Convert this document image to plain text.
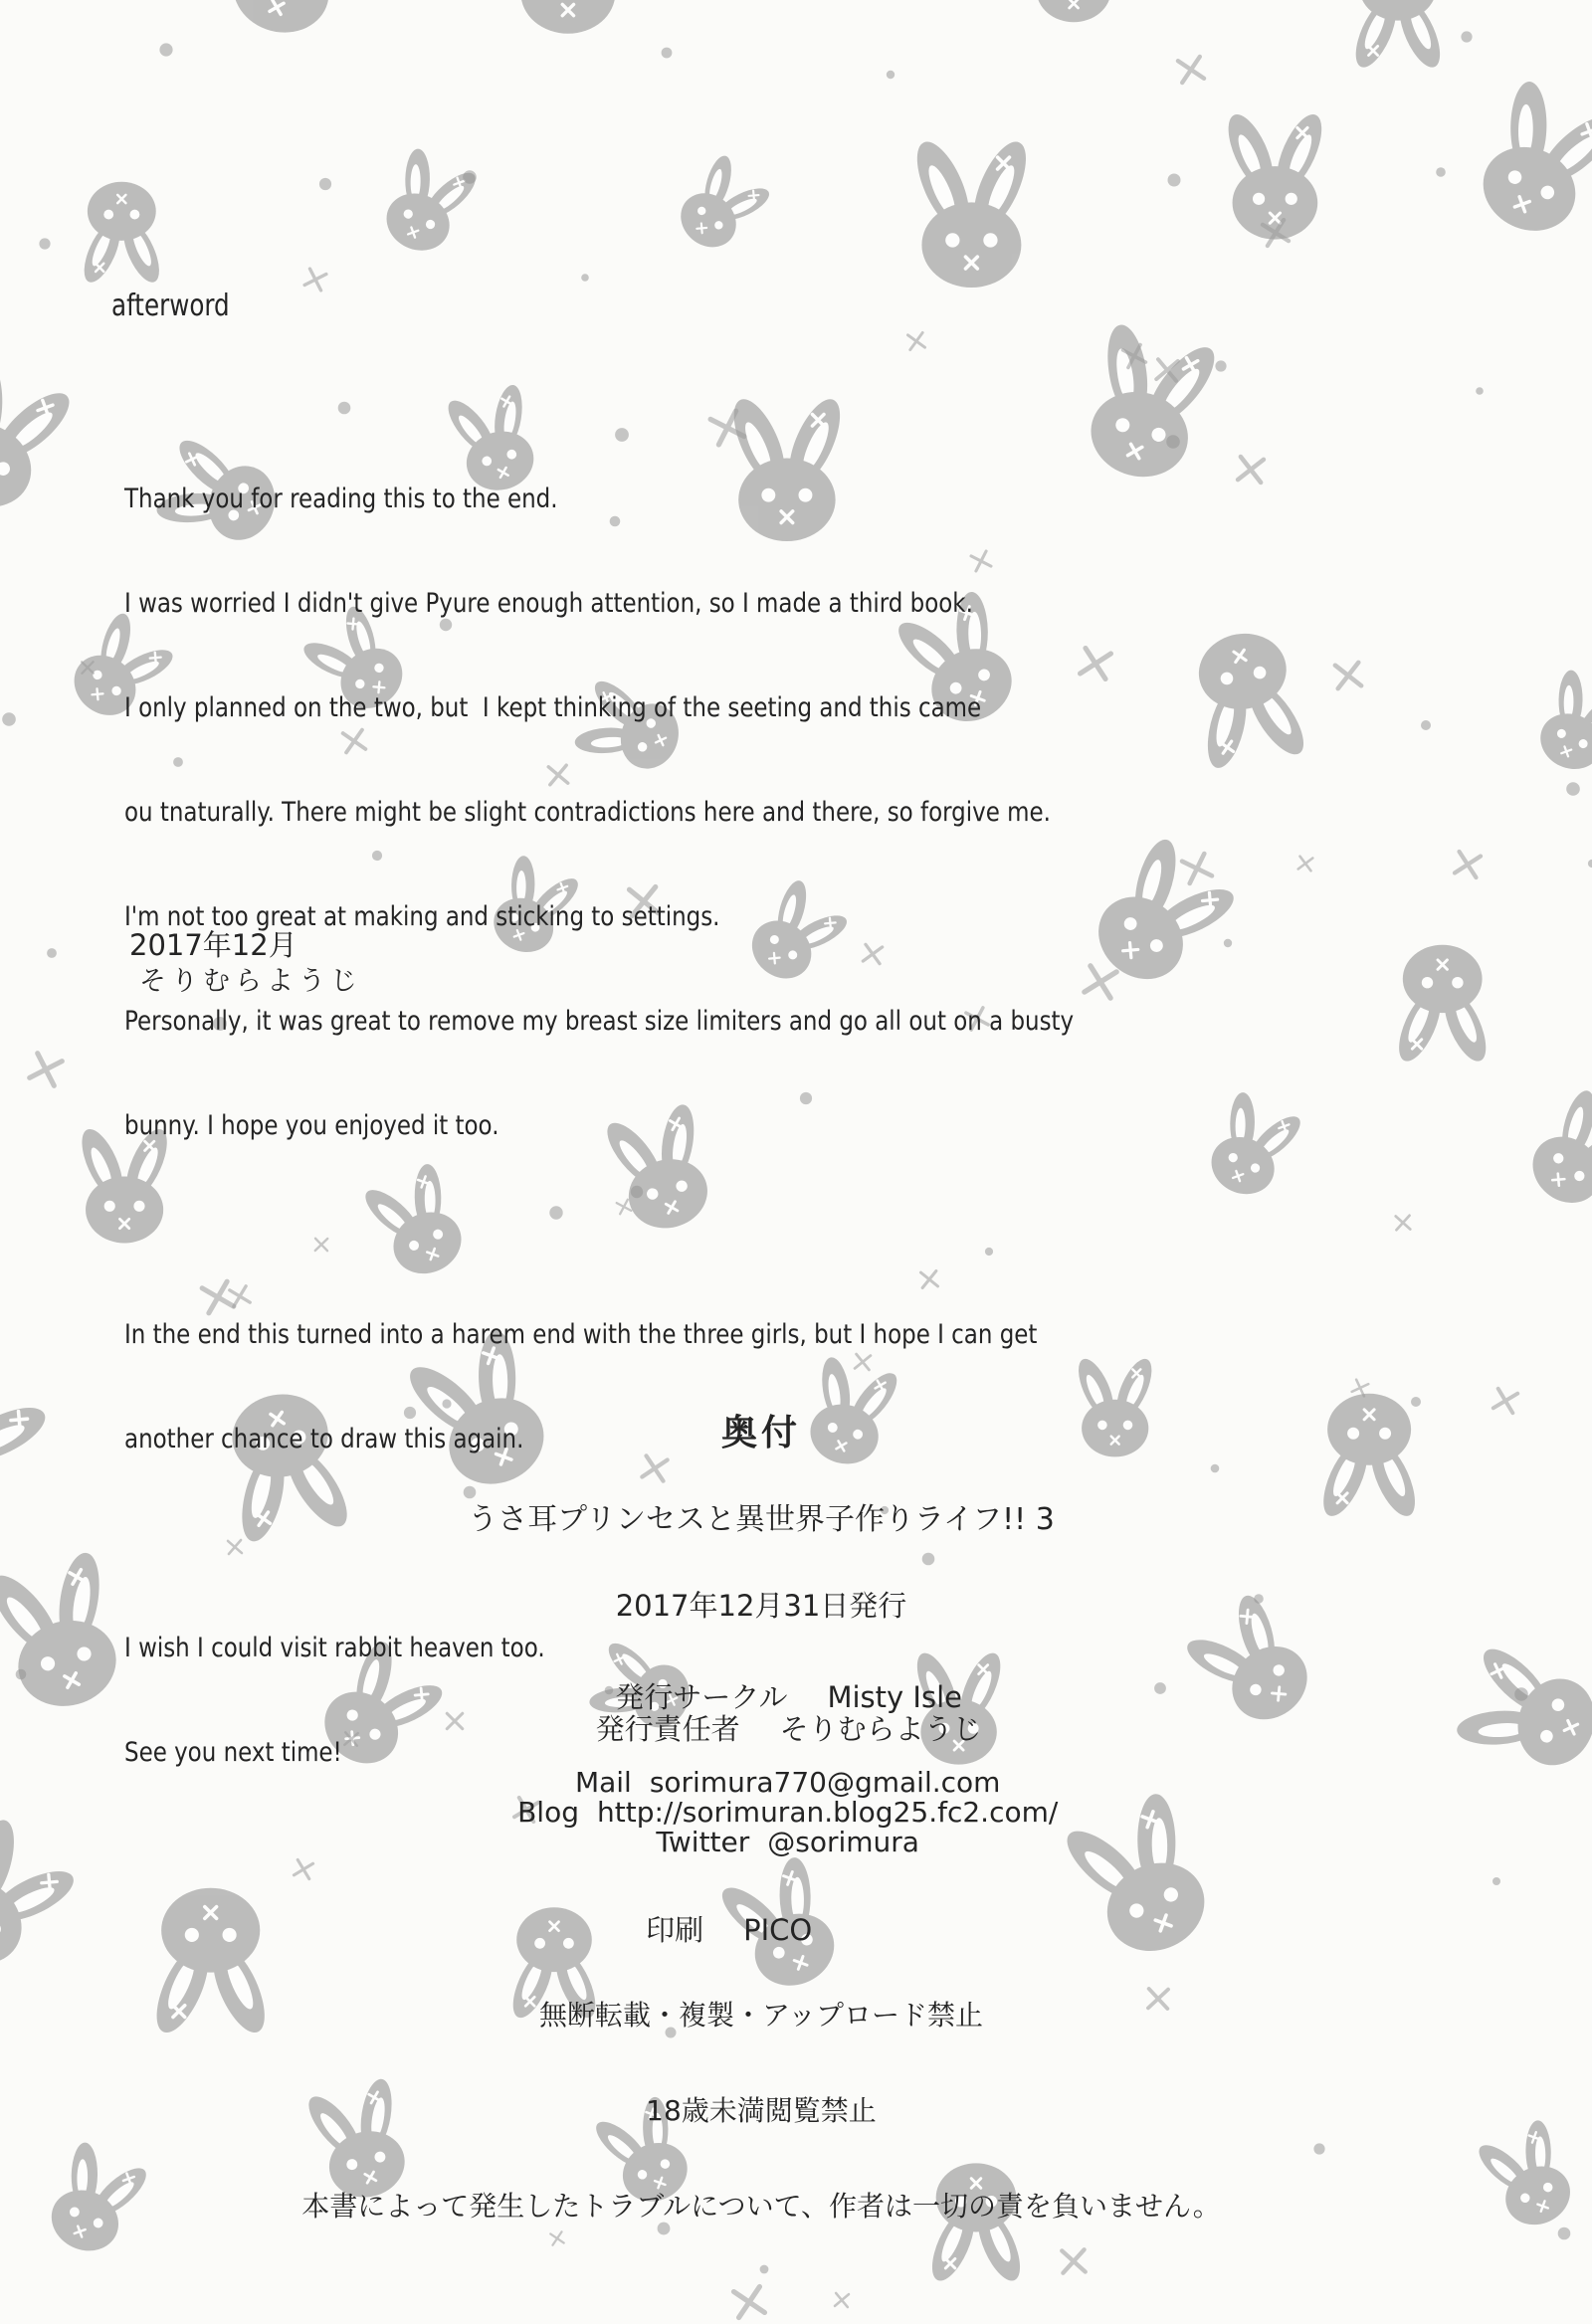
afterword

Thank you for reading this to the end.

I was worried I didn't give Pyure enough attention, so I made a third book.

I only planned on the two, but  I kept thinking of the seeting and this came

ou tnaturally. There might be slight contradictions here and there, so forgive me.

I'm not too great at making and sticking to settings.

Personally, it was great to remove my breast size limiters and go all out on a busty

bunny. I hope you enjoyed it too.

In the end this turned into a harem end with the three girls, but I hope I can get

another chance to draw this again.

I wish I could visit rabbit heaven too.

See you next time!

2017年12月
そりむらようじ
奥付
うさ耳プリンセスと異世界子作りライフ!! 3
2017年12月31日発行

発行サークル Misty Isle

発行責任者 そりむらようじ

Mail sorimura770@gmail.com

Blog http://sorimuran.blog25.fc2.com/

Twitter @sorimura

印刷 PICO

無断転載・複製・アップロード禁止

18歳未満閲覧禁止

本書によって発生したトラブルについて、作者は一切の責を負いません。
